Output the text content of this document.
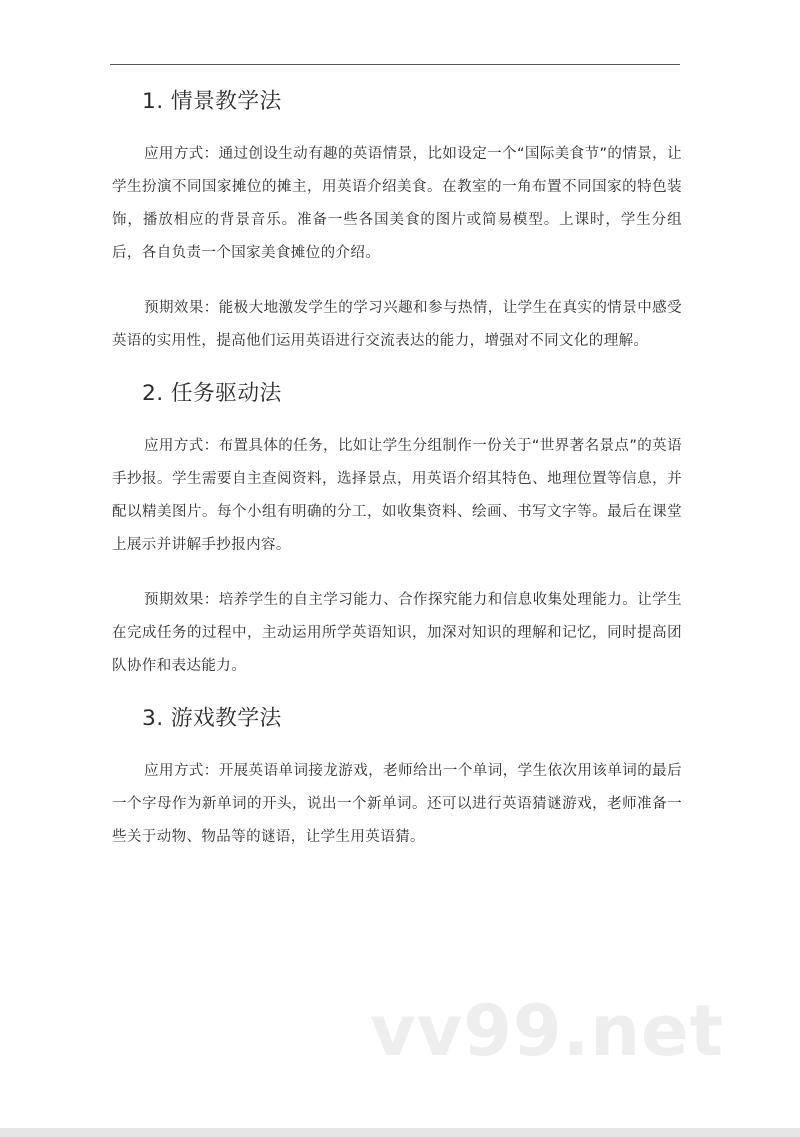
1. 情景教学法

应用方式：通过创设生动有趣的英语情景，比如设定一个“国际美食节”的情景，让学生扮演不同国家摊位的摊主，用英语介绍美食。在教室的一角布置不同国家的特色装饰，播放相应的背景音乐。准备一些各国美食的图片或简易模型。上课时，学生分组后，各自负责一个国家美食摊位的介绍。

预期效果：能极大地激发学生的学习兴趣和参与热情，让学生在真实的情景中感受英语的实用性，提高他们运用英语进行交流表达的能力，增强对不同文化的理解。

2. 任务驱动法

应用方式：布置具体的任务，比如让学生分组制作一份关于“世界著名景点”的英语手抄报。学生需要自主查阅资料，选择景点，用英语介绍其特色、地理位置等信息，并配以精美图片。每个小组有明确的分工，如收集资料、绘画、书写文字等。最后在课堂上展示并讲解手抄报内容。

预期效果：培养学生的自主学习能力、合作探究能力和信息收集处理能力。让学生在完成任务的过程中，主动运用所学英语知识，加深对知识的理解和记忆，同时提高团队协作和表达能力。

3. 游戏教学法

应用方式：开展英语单词接龙游戏，老师给出一个单词，学生依次用该单词的最后一个字母作为新单词的开头，说出一个新单词。还可以进行英语猜谜游戏，老师准备一些关于动物、物品等的谜语，让学生用英语猜。

vv99.net
